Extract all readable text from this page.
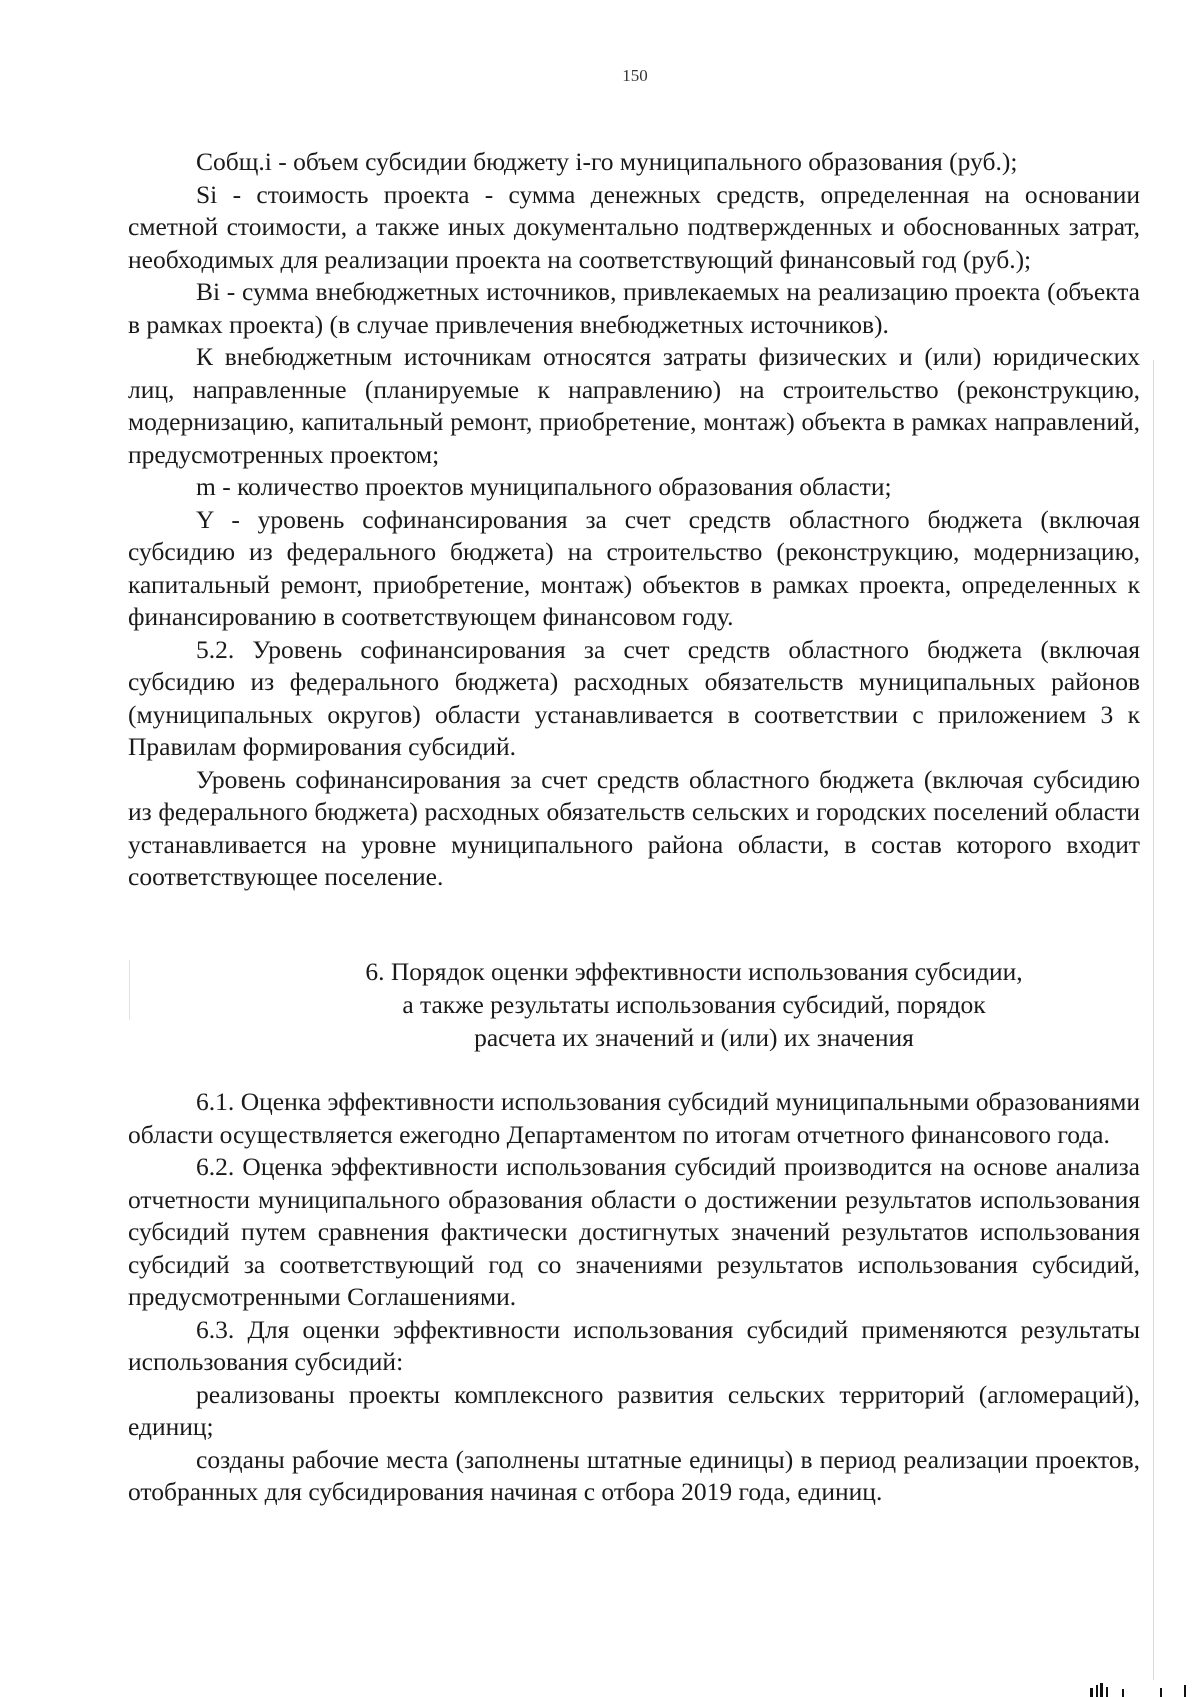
150

Собщ.i - объем субсидии бюджету i-го муниципального образования (руб.);

Si - стоимость проекта - сумма денежных средств, определенная на основании сметной стоимости, а также иных документально подтвержденных и обоснованных затрат, необходимых для реализации проекта на соответствующий финансовый год (руб.);

Bi - сумма внебюджетных источников, привлекаемых на реализацию проекта (объекта в рамках проекта) (в случае привлечения внебюджетных источников).

К внебюджетным источникам относятся затраты физических и (или) юридических лиц, направленные (планируемые к направлению) на строительство (реконструкцию, модернизацию, капитальный ремонт, приобретение, монтаж) объекта в рамках направлений, предусмотренных проектом;

m - количество проектов муниципального образования области;

Y - уровень софинансирования за счет средств областного бюджета (включая субсидию из федерального бюджета) на строительство (реконструкцию, модернизацию, капитальный ремонт, приобретение, монтаж) объектов в рамках проекта, определенных к финансированию в соответствующем финансовом году.

5.2. Уровень софинансирования за счет средств областного бюджета (включая субсидию из федерального бюджета) расходных обязательств муниципальных районов (муниципальных округов) области устанавливается в соответствии с приложением 3 к Правилам формирования субсидий.

Уровень софинансирования за счет средств областного бюджета (включая субсидию из федерального бюджета) расходных обязательств сельских и городских поселений области устанавливается на уровне муниципального района области, в состав которого входит соответствующее поселение.

6. Порядок оценки эффективности использования субсидии,
а также результаты использования субсидий, порядок
расчета их значений и (или) их значения

6.1. Оценка эффективности использования субсидий муниципальными образованиями области осуществляется ежегодно Департаментом по итогам отчетного финансового года.

6.2. Оценка эффективности использования субсидий производится на основе анализа отчетности муниципального образования области о достижении результатов использования субсидий путем сравнения фактически достигнутых значений результатов использования субсидий за соответствующий год со значениями результатов использования субсидий, предусмотренными Соглашениями.

6.3. Для оценки эффективности использования субсидий применяются результаты использования субсидий:

реализованы проекты комплексного развития сельских территорий (агломераций), единиц;

созданы рабочие места (заполнены штатные единицы) в период реализации проектов, отобранных для субсидирования начиная с отбора 2019 года, единиц.
